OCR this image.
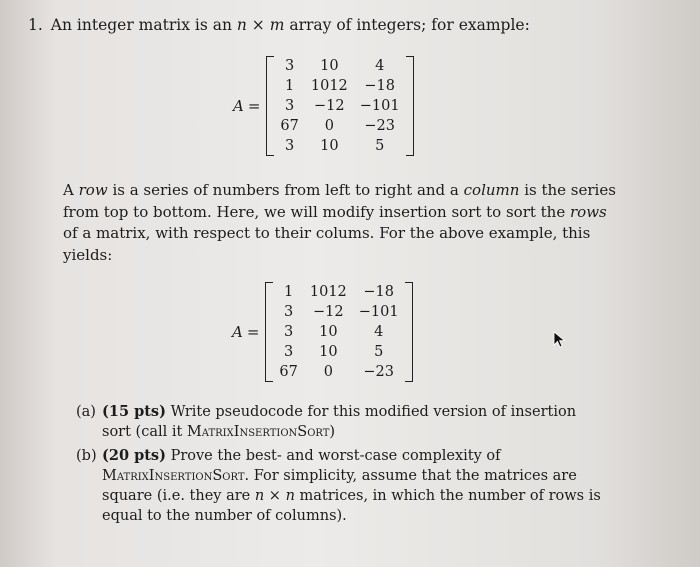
1. An integer matrix is an n × m array of integers; for example:
A =
3	10	4
1	1012	−18
3	−12	−101
67	0	−23
3	10	5
A row is a series of numbers from left to right and a column is the series from top to bottom. Here, we will modify insertion sort to sort the rows of a matrix, with respect to their colums. For the above example, this yields:
A =
1	1012	−18
3	−12	−101
3	10	4
3	10	5
67	0	−23
(a) (15 pts) Write pseudocode for this modified version of insertion sort (call it MatrixInsertionSort)
(b) (20 pts) Prove the best- and worst-case complexity of MatrixInsertionSort. For simplicity, assume that the matrices are square (i.e. they are n × n matrices, in which the number of rows is equal to the number of columns).
